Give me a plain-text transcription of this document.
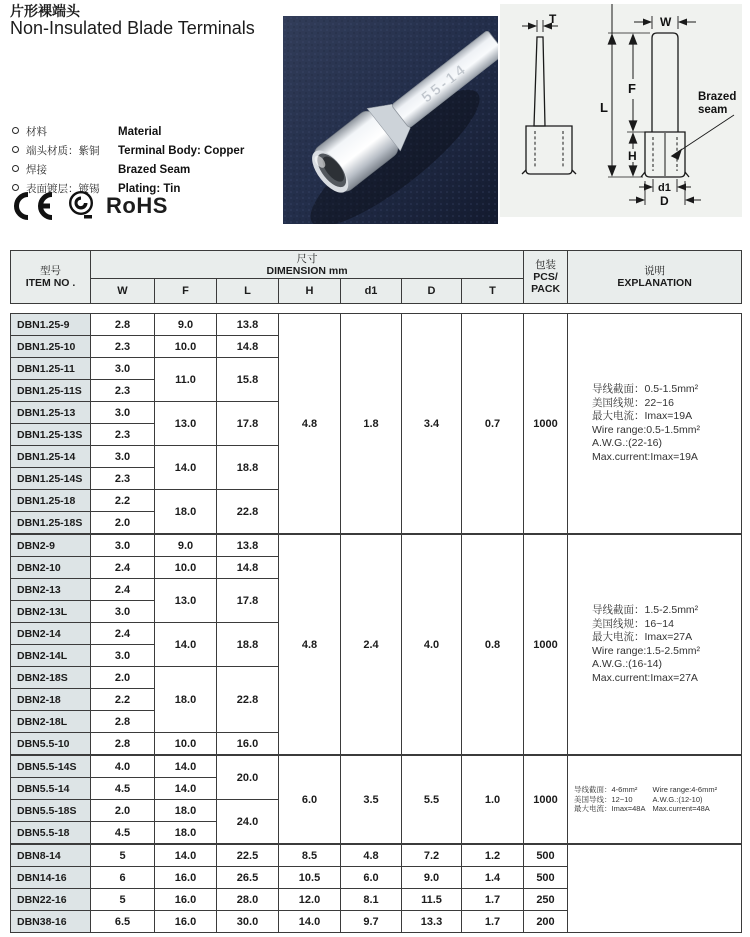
片形裸端头
Non-Insulated Blade Terminals
55-14
T	W
L
F
H
d1
D
Brazed
seam
材料	Material
端头材质：紫铜	Terminal Body: Copper
焊接	Brazed Seam
表面镀层：镀锡	Plating: Tin
RoHS
型号
ITEM NO .

尺寸
DIMENSION mm	包装
PCS/
PACK

说明
EXPLANATION

	W	F	L	H	d1	D	T		
DBN1.25-9	2.8	9.0	13.8	4.8	1.8	3.4	0.7	1000	
导线截面：0.5-1.5mm²
美国线规：22~16
最大电流：Imax=19A
Wire range:0.5-1.5mm²
A.W.G.:(22-16)
Max.current:Imax=19A

DBN1.25-10	2.3	10.0	14.8						
DBN1.25-11	3.0	11.0	15.8						
DBN1.25-11S	2.3								
DBN1.25-13	3.0	13.0	17.8						
DBN1.25-13S	2.3								
DBN1.25-14	3.0	14.0	18.8						
DBN1.25-14S	2.3								
DBN1.25-18	2.2	18.0	22.8						
DBN1.25-18S	2.0								
DBN2-9	3.0	9.0	13.8	4.8	2.4	4.0	0.8	1000	
导线截面：1.5-2.5mm²
美国线规：16~14
最大电流：Imax=27A
Wire range:1.5-2.5mm²
A.W.G.:(16-14)
Max.current:Imax=27A

DBN2-10	2.4	10.0	14.8						
DBN2-13	2.4	13.0	17.8						
DBN2-13L	3.0								
DBN2-14	2.4	14.0	18.8						
DBN2-14L	3.0								
DBN2-18S	2.0	18.0	22.8						
DBN2-18	2.2								
DBN2-18L	2.8								
DBN5.5-10	2.8	10.0	16.0						
DBN5.5-14S	4.0	14.0	20.0	6.0	3.5	5.5	1.0	1000	
导线截面：4-6mm²
美国导线：12~10
最大电流：Imax=48A
Wire range:4-6mm²
A.W.G.:(12-10)
Max.current=48A

DBN5.5-14	4.5	14.0							
DBN5.5-18S	2.0	18.0	24.0						
DBN5.5-18	4.5	18.0							
DBN8-14	5	14.0	22.5	8.5	4.8	7.2	1.2	500	
DBN14-16	6	16.0	26.5	10.5	6.0	9.0	1.4	500	
DBN22-16	5	16.0	28.0	12.0	8.1	11.5	1.7	250	
DBN38-16	6.5	16.0	30.0	14.0	9.7	13.3	1.7	200	
